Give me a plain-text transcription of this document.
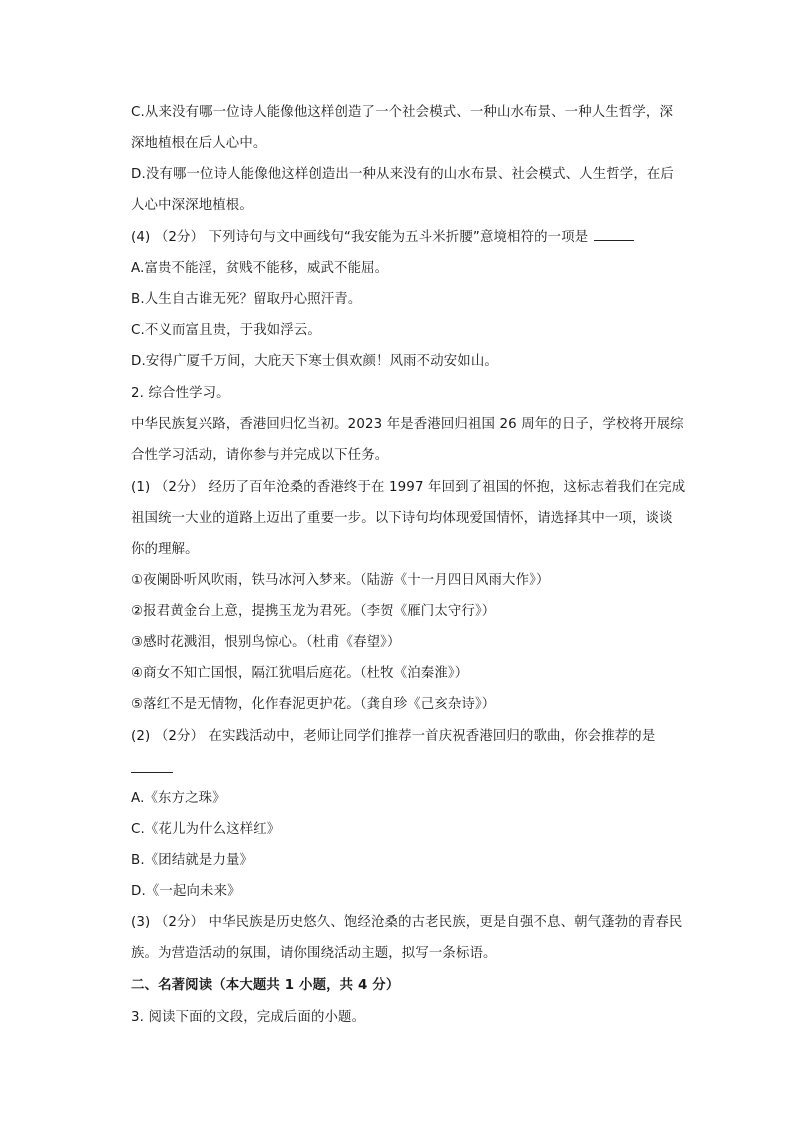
C.从来没有哪一位诗人能像他这样创造了一个社会模式、一种山水布景、一种人生哲学，深
深地植根在后人心中。
D.没有哪一位诗人能像他这样创造出一种从来没有的山水布景、社会模式、人生哲学，在后
人心中深深地植根。
(4) （2分） 下列诗句与文中画线句“我安能为五斗米折腰”意境相符的一项是
A.富贵不能淫，贫贱不能移，威武不能屈。
B.人生自古谁无死？留取丹心照汗青。
C.不义而富且贵，于我如浮云。
D.安得广厦千万间，大庇天下寒士俱欢颜！风雨不动安如山。
2. 综合性学习。
中华民族复兴路，香港回归忆当初。2023 年是香港回归祖国 26 周年的日子，学校将开展综
合性学习活动，请你参与并完成以下任务。
(1) （2分） 经历了百年沧桑的香港终于在 1997 年回到了祖国的怀抱，这标志着我们在完成
祖国统一大业的道路上迈出了重要一步。以下诗句均体现爱国情怀，请选择其中一项，谈谈
你的理解。
①夜阑卧听风吹雨，铁马冰河入梦来。（陆游《十一月四日风雨大作》）
②报君黄金台上意，提携玉龙为君死。（李贺《雁门太守行》）
③感时花溅泪，恨别鸟惊心。（杜甫《春望》）
④商女不知亡国恨，隔江犹唱后庭花。（杜牧《泊秦淮》）
⑤落红不是无情物，化作春泥更护花。（龚自珍《己亥杂诗》）
(2) （2分） 在实践活动中，老师让同学们推荐一首庆祝香港回归的歌曲，你会推荐的是
A.《东方之珠》
C.《花儿为什么这样红》
B.《团结就是力量》
D.《一起向未来》
(3) （2分） 中华民族是历史悠久、饱经沧桑的古老民族，更是自强不息、朝气蓬勃的青春民
族。为营造活动的氛围，请你围绕活动主题，拟写一条标语。
二、名著阅读（本大题共 1 小题，共 4 分）
3. 阅读下面的文段，完成后面的小题。
